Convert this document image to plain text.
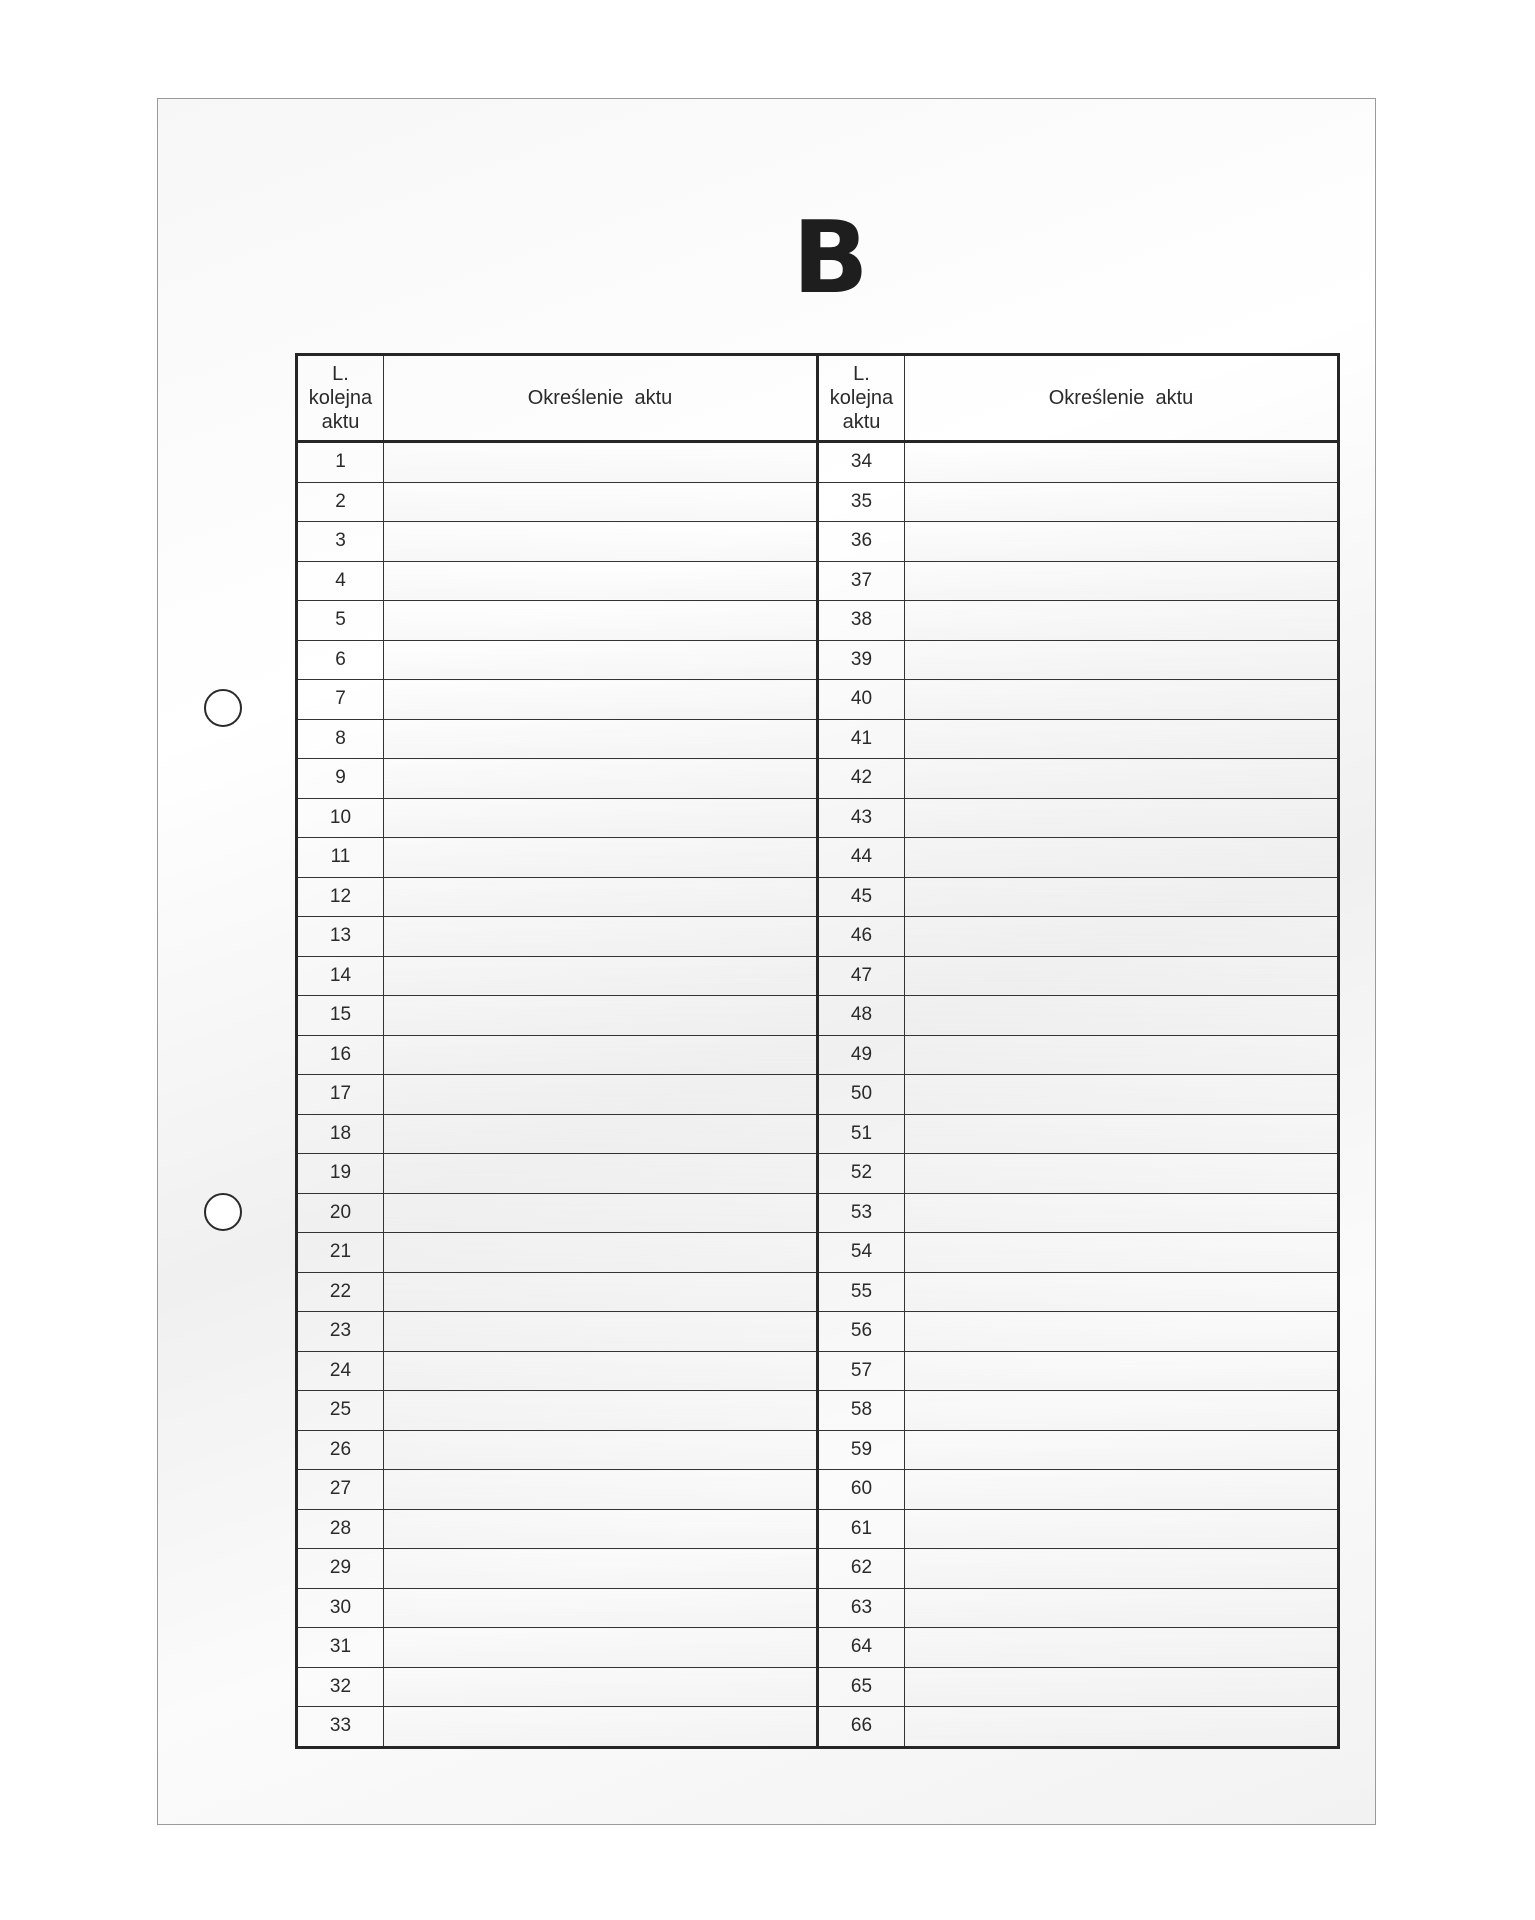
B
L.
kolejna
aktu	Określenie  aktu	L.
kolejna
aktu	Określenie  aktu
1		34	
2		35	
3		36	
4		37	
5		38	
6		39	
7		40	
8		41	
9		42	
10		43	
11		44	
12		45	
13		46	
14		47	
15		48	
16		49	
17		50	
18		51	
19		52	
20		53	
21		54	
22		55	
23		56	
24		57	
25		58	
26		59	
27		60	
28		61	
29		62	
30		63	
31		64	
32		65	
33		66	
